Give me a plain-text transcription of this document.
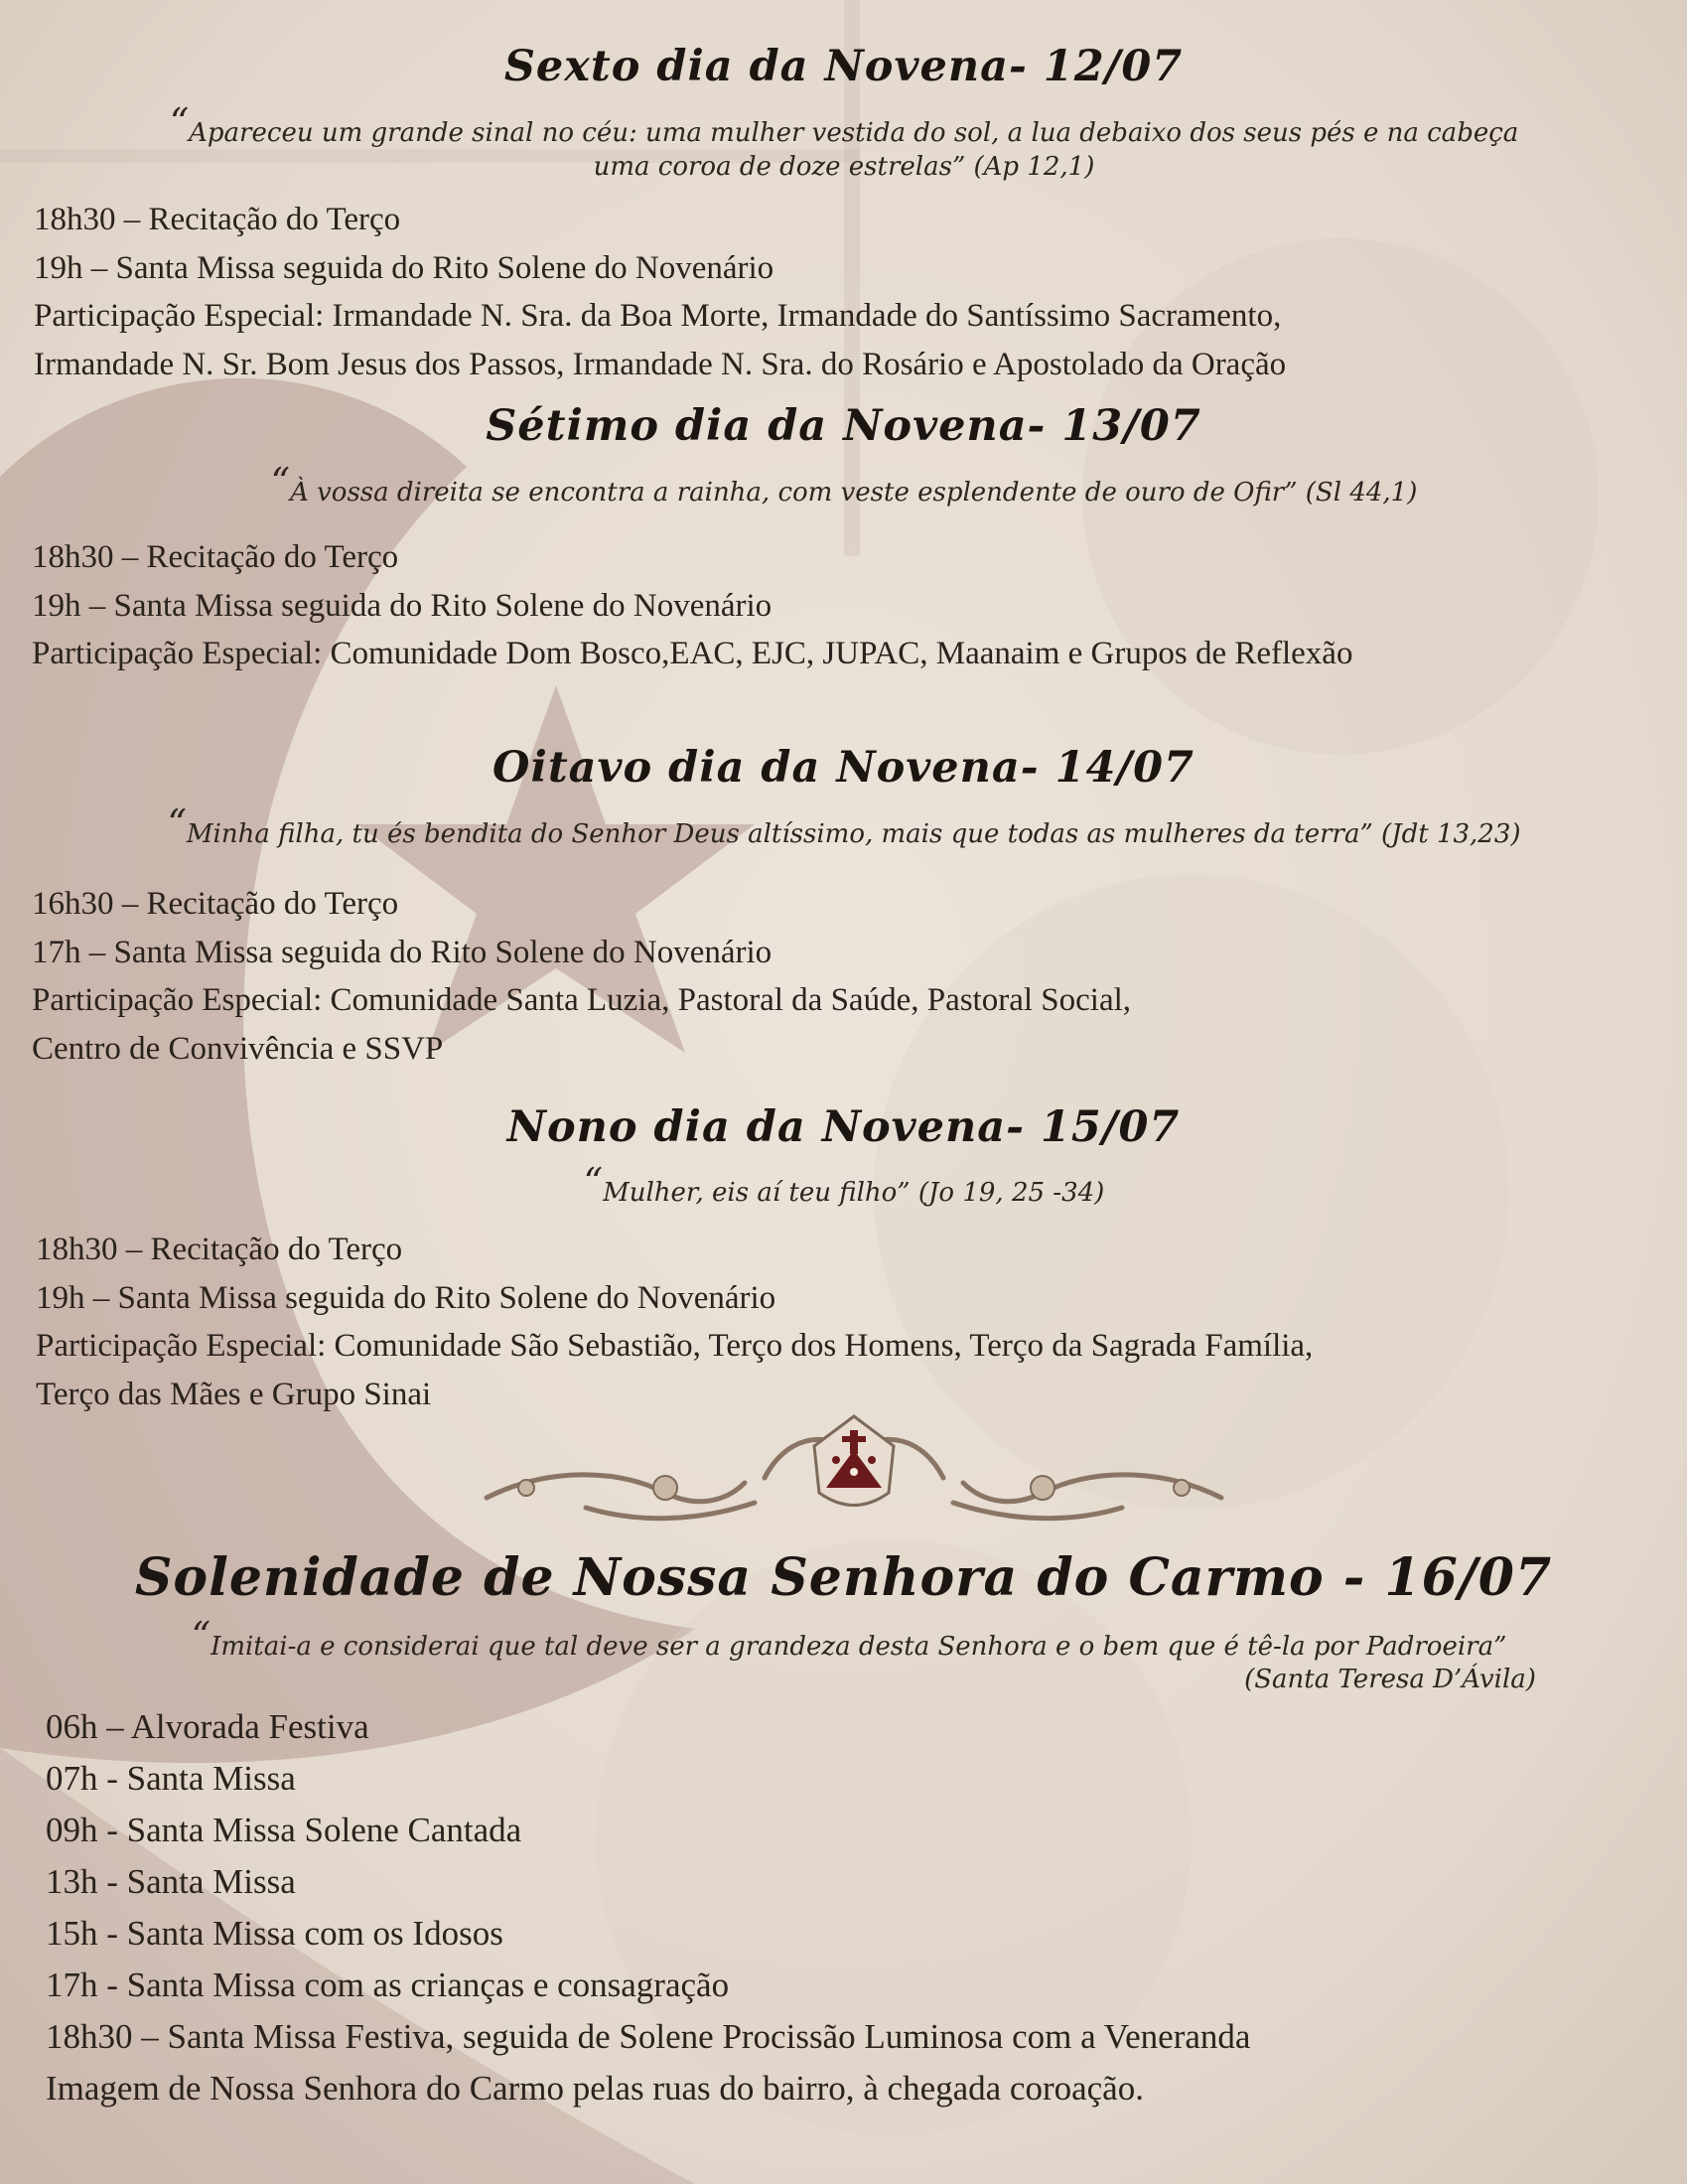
Sexto dia da Novena- 12/07

“Apareceu um grande sinal no céu: uma mulher vestida do sol, a lua debaixo dos seus pés e na cabeça uma coroa de doze estrelas” (Ap 12,1)

18h30 – Recitação do Terço
19h – Santa Missa seguida do Rito Solene do Novenário
Participação Especial: Irmandade N. Sra. da Boa Morte, Irmandade do Santíssimo Sacramento,
Irmandade N. Sr. Bom Jesus dos Passos, Irmandade N. Sra. do Rosário e Apostolado da Oração
Sétimo dia da Novena- 13/07

“À vossa direita se encontra a rainha, com veste esplendente de ouro de Ofir” (Sl 44,1)

18h30 – Recitação do Terço
19h – Santa Missa seguida do Rito Solene do Novenário
Participação Especial: Comunidade Dom Bosco,EAC, EJC, JUPAC, Maanaim e Grupos de Reflexão
Oitavo dia da Novena- 14/07

“Minha filha, tu és bendita do Senhor Deus altíssimo, mais que todas as mulheres da terra” (Jdt 13,23)

16h30 – Recitação do Terço
17h – Santa Missa seguida do Rito Solene do Novenário
Participação Especial: Comunidade Santa Luzia, Pastoral da Saúde, Pastoral Social,
Centro de Convivência e SSVP
Nono dia da Novena- 15/07

“Mulher, eis aí teu filho” (Jo 19, 25 -34)

18h30 – Recitação do Terço
19h – Santa Missa seguida do Rito Solene do Novenário
Participação Especial: Comunidade São Sebastião, Terço dos Homens, Terço da Sagrada Família,
Terço das Mães e Grupo Sinai
Solenidade de Nossa Senhora do Carmo - 16/07

“Imitai-a e considerai que tal deve ser a grandeza desta Senhora e o bem que é tê-la por Padroeira”

(Santa Teresa D’Ávila)

06h – Alvorada Festiva
07h - Santa Missa
09h - Santa Missa Solene Cantada
13h - Santa Missa
15h - Santa Missa com os Idosos
17h - Santa Missa com as crianças e consagração
18h30 – Santa Missa Festiva, seguida de Solene Procissão Luminosa com a Veneranda
Imagem de Nossa Senhora do Carmo pelas ruas do bairro, à chegada coroação.
